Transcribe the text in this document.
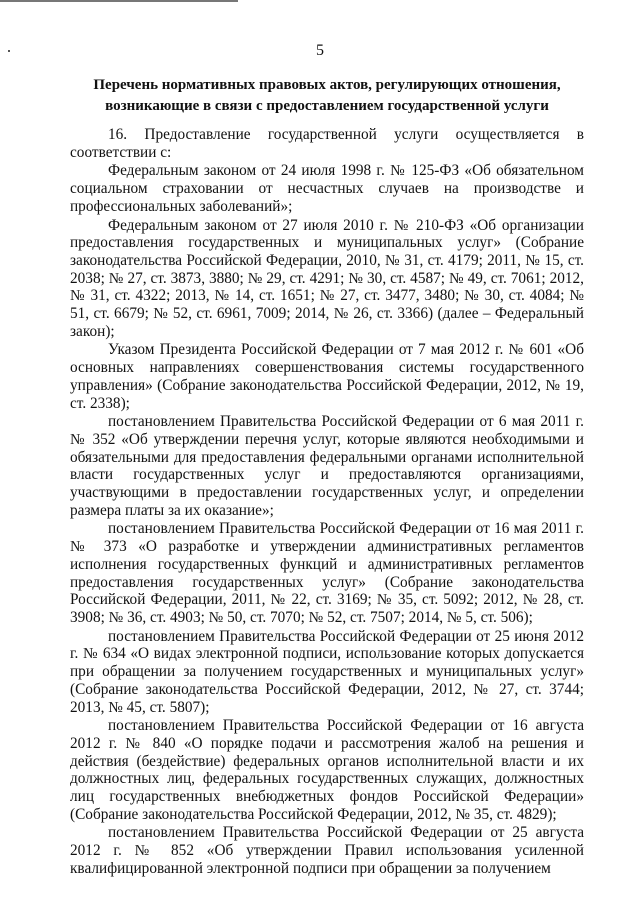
5
Перечень нормативных правовых актов, регулирующих отношения,
возникающие в связи с предоставлением государственной услуги

16. Предоставление государственной услуги осуществляется в соответствии с:

Федеральным законом от 24 июля 1998 г. № 125-ФЗ «Об обязательном социальном страховании от несчастных случаев на производстве и профессиональных заболеваний»;

Федеральным законом от 27 июля 2010 г. № 210-ФЗ «Об организации предоставления государственных и муниципальных услуг» (Собрание законодательства Российской Федерации, 2010, № 31, ст. 4179; 2011, № 15, ст. 2038; № 27, ст. 3873, 3880; № 29, ст. 4291; № 30, ст. 4587; № 49, ст. 7061; 2012, № 31, ст. 4322; 2013, № 14, ст. 1651; № 27, ст. 3477, 3480; № 30, ст. 4084; № 51, ст. 6679; № 52, ст. 6961, 7009; 2014, № 26, ст. 3366) (далее – Федеральный закон);

Указом Президента Российской Федерации от 7 мая 2012 г. № 601 «Об основных направлениях совершенствования системы государственного управления» (Собрание законодательства Российской Федерации, 2012, № 19, ст. 2338);

постановлением Правительства Российской Федерации от 6 мая 2011 г. № 352 «Об утверждении перечня услуг, которые являются необходимыми и обязательными для предоставления федеральными органами исполнительной власти государственных услуг и предоставляются организациями, участвующими в предоставлении государственных услуг, и определении размера платы за их оказание»;

постановлением Правительства Российской Федерации от 16 мая 2011 г. № 373 «О разработке и утверждении административных регламентов исполнения государственных функций и административных регламентов предоставления государственных услуг» (Собрание законодательства Российской Федерации, 2011, № 22, ст. 3169; № 35, ст. 5092; 2012, № 28, ст. 3908; № 36, ст. 4903; № 50, ст. 7070; № 52, ст. 7507; 2014, № 5, ст. 506);

постановлением Правительства Российской Федерации от 25 июня 2012 г. № 634 «О видах электронной подписи, использование которых допускается при обращении за получением государственных и муниципальных услуг» (Собрание законодательства Российской Федерации, 2012, № 27, ст. 3744; 2013, № 45, ст. 5807);

постановлением Правительства Российской Федерации от 16 августа 2012 г. № 840 «О порядке подачи и рассмотрения жалоб на решения и действия (бездействие) федеральных органов исполнительной власти и их должностных лиц, федеральных государственных служащих, должностных лиц государственных внебюджетных фондов Российской Федерации» (Собрание законодательства Российской Федерации, 2012, № 35, ст. 4829);

постановлением Правительства Российской Федерации от 25 августа 2012 г. № 852 «Об утверждении Правил использования усиленной квалифицированной электронной подписи при обращении за получением
